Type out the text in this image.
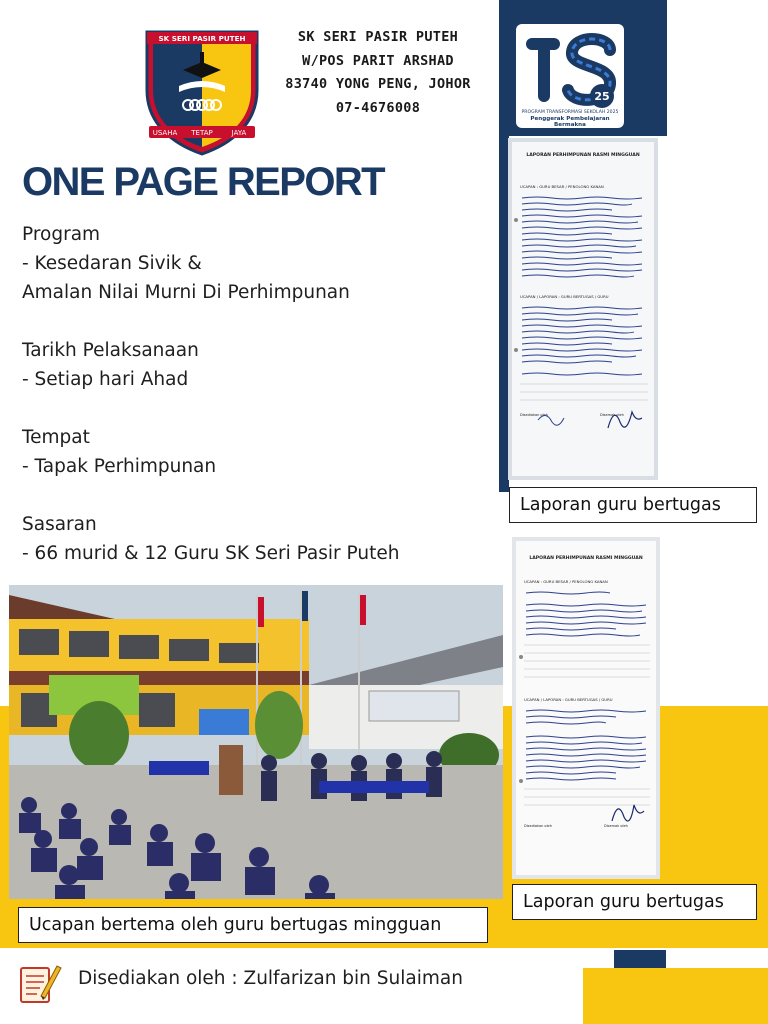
SK SERI PASIR PUTEH
USAHA TETAP	JAYA
SK SERI PASIR PUTEH
W/POS PARIT ARSHAD
83740 YONG PENG, JOHOR
07-4676008
25
PROGRAM TRANSFORMASI SEKOLAH 2025
Penggerak Pembelajaran Bermakna
ONE PAGE REPORT
Program
- Kesedaran Sivik &
Amalan Nilai Murni Di Perhimpunan
Tarikh Pelaksanaan
- Setiap hari Ahad
Tempat
- Tapak Perhimpunan
Sasaran
- 66 murid & 12 Guru SK Seri Pasir Puteh
LAPORAN PERHIMPUNAN RASMI MINGGUAN
UCAPAN : GURU BESAR / PENOLONG KANAN
UCAPAN / LAPORAN : GURU BERTUGAS / GURU
Disediakan oleh	Disemak oleh
Laporan guru bertugas
LAPORAN PERHIMPUNAN RASMI MINGGUAN
UCAPAN : GURU BESAR / PENOLONG KANAN
UCAPAN / LAPORAN : GURU BERTUGAS / GURU
Disediakan oleh	Disemak oleh
Laporan guru bertugas
Ucapan bertema oleh guru bertugas mingguan
Disediakan oleh : Zulfarizan bin Sulaiman
